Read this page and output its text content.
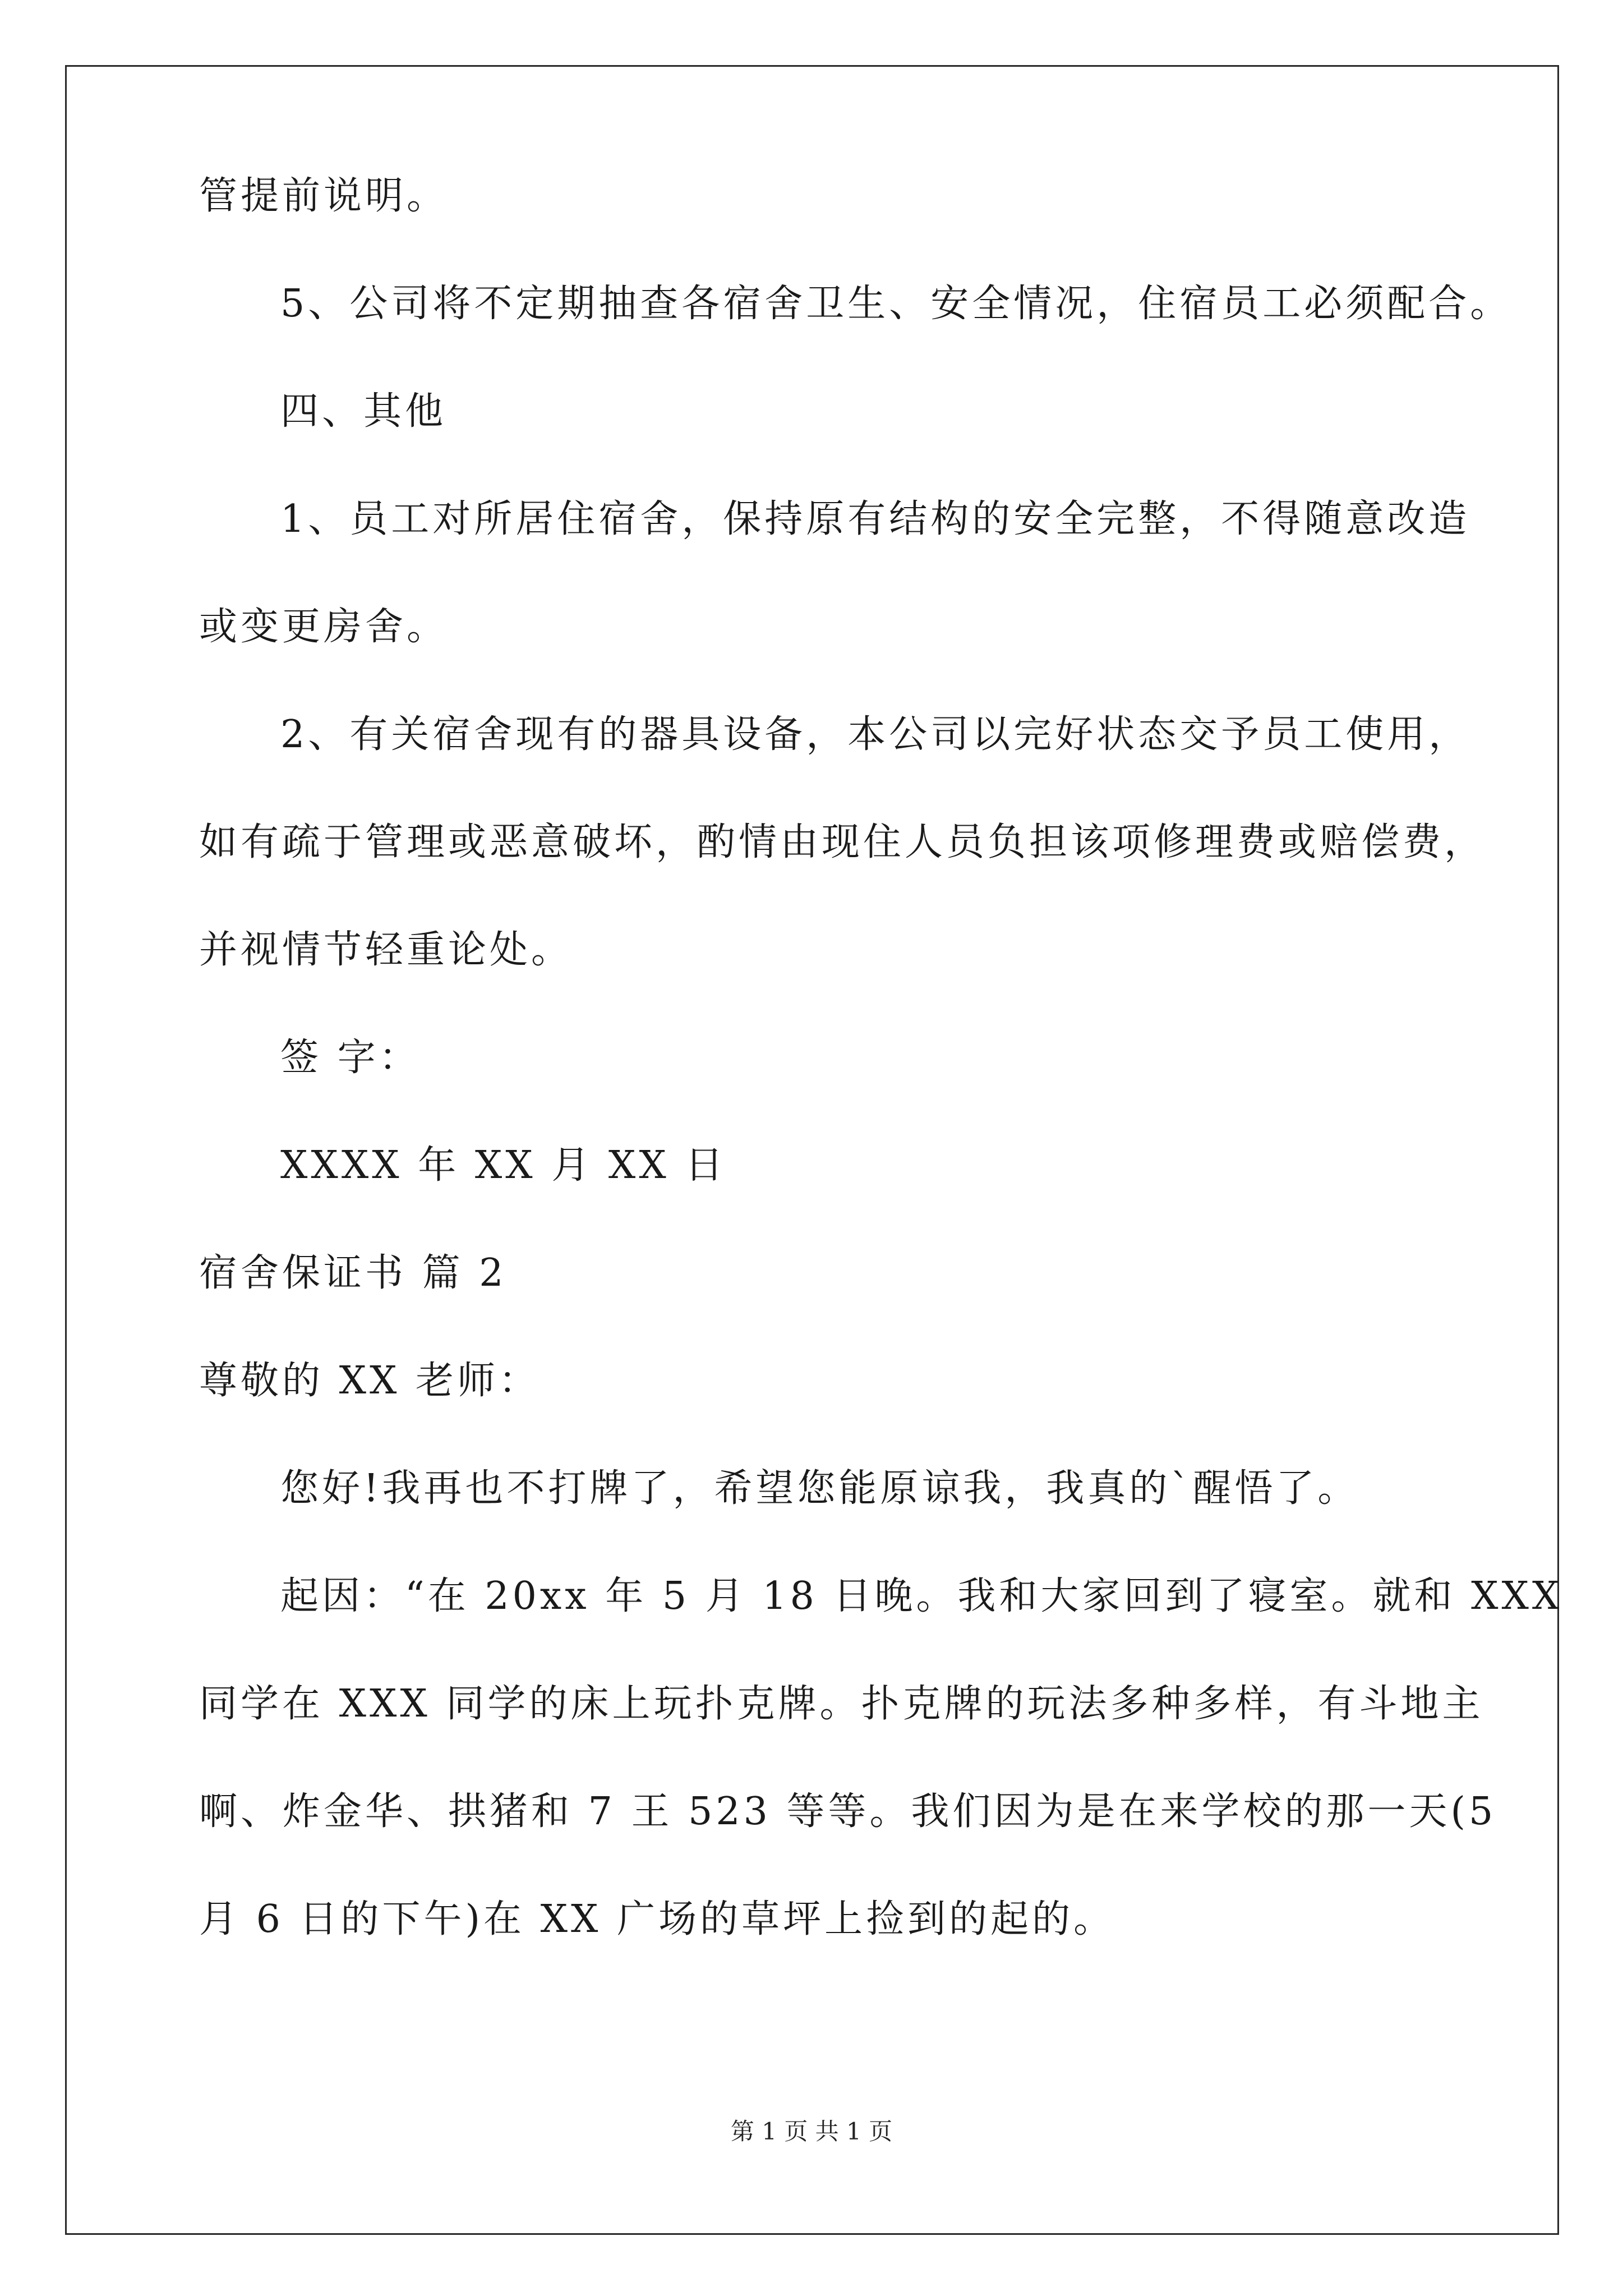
管提前说明。
5、公司将不定期抽查各宿舍卫生、安全情况，住宿员工必须配合。
四、其他
1、员工对所居住宿舍，保持原有结构的安全完整，不得随意改造
或变更房舍。
2、有关宿舍现有的器具设备，本公司以完好状态交予员工使用，
如有疏于管理或恶意破坏，酌情由现住人员负担该项修理费或赔偿费，
并视情节轻重论处。
签 字：
XXXX 年 XX 月 XX 日
宿舍保证书 篇 2
尊敬的 XX 老师：
您好!我再也不打牌了，希望您能原谅我，我真的`醒悟了。
起因：“在 20xx 年 5 月 18 日晚。我和大家回到了寝室。就和 XXX
同学在 XXX 同学的床上玩扑克牌。扑克牌的玩法多种多样，有斗地主
啊、炸金华、拱猪和 7 王 523 等等。我们因为是在来学校的那一天(5
月 6 日的下午)在 XX 广场的草坪上捡到的起的。
第 1 页 共 1 页
